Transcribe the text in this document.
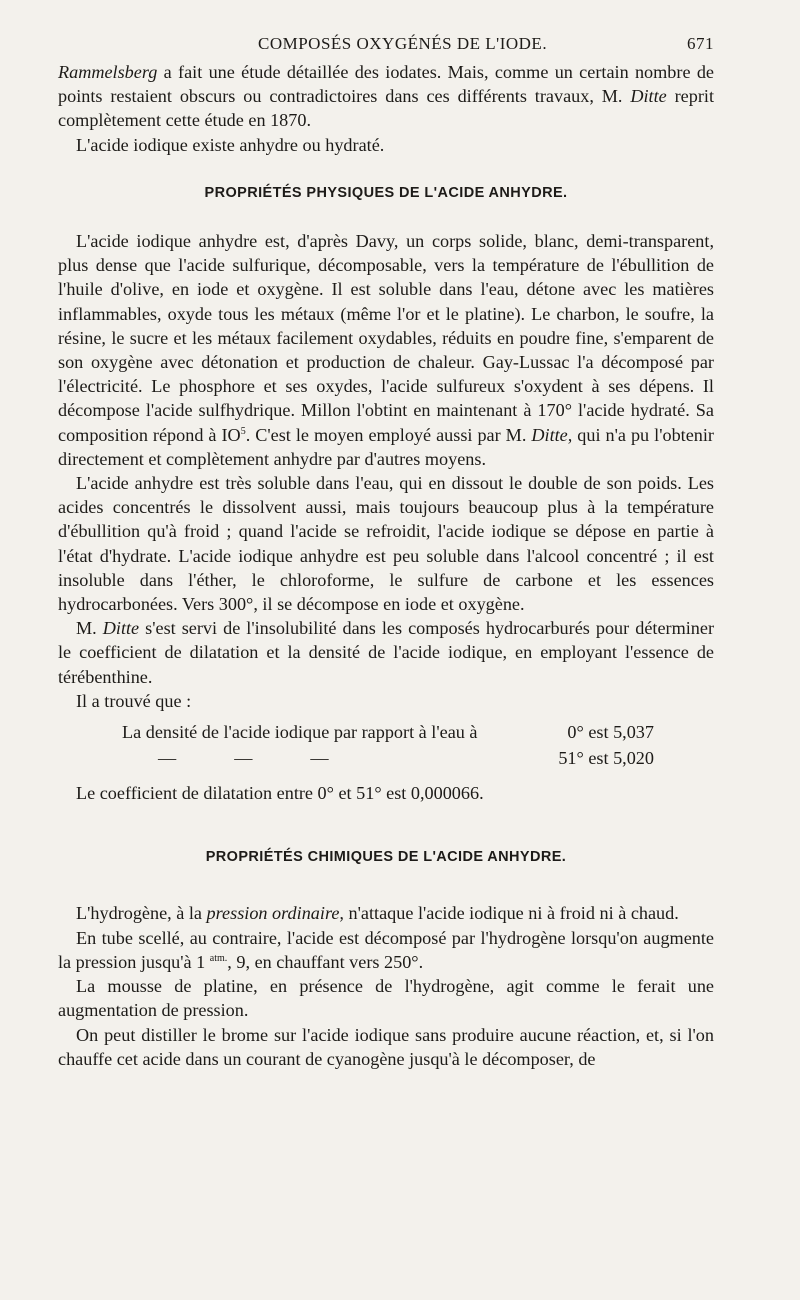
COMPOSÉS OXYGÉNÉS DE L'IODE.	671

Rammelsberg a fait une étude détaillée des iodates. Mais, comme un certain nombre de points restaient obscurs ou contradictoires dans ces différents travaux, M. Ditte reprit complètement cette étude en 1870.

L'acide iodique existe anhydre ou hydraté.

PROPRIÉTÉS PHYSIQUES DE L'ACIDE ANHYDRE.

L'acide iodique anhydre est, d'après Davy, un corps solide, blanc, demi-transparent, plus dense que l'acide sulfurique, décomposable, vers la température de l'ébullition de l'huile d'olive, en iode et oxygène. Il est soluble dans l'eau, détone avec les matières inflammables, oxyde tous les métaux (même l'or et le platine). Le charbon, le soufre, la résine, le sucre et les métaux facilement oxydables, réduits en poudre fine, s'emparent de son oxygène avec détonation et production de chaleur. Gay-Lussac l'a décomposé par l'électricité. Le phosphore et ses oxydes, l'acide sulfureux s'oxydent à ses dépens. Il décompose l'acide sulfhydrique. Millon l'obtint en maintenant à 170° l'acide hydraté. Sa composition répond à $IO^5$. C'est le moyen employé aussi par M. Ditte, qui n'a pu l'obtenir directement et complètement anhydre par d'autres moyens.

L'acide anhydre est très soluble dans l'eau, qui en dissout le double de son poids. Les acides concentrés le dissolvent aussi, mais toujours beaucoup plus à la température d'ébullition qu'à froid ; quand l'acide se refroidit, l'acide iodique se dépose en partie à l'état d'hydrate. L'acide iodique anhydre est peu soluble dans l'alcool concentré ; il est insoluble dans l'éther, le chloroforme, le sulfure de carbone et les essences hydrocarbonées. Vers 300°, il se décompose en iode et oxygène.

M. Ditte s'est servi de l'insolubilité dans les composés hydrocarburés pour déterminer le coefficient de dilatation et la densité de l'acide iodique, en employant l'essence de térébenthine.

Il a trouvé que :

La densité de l'acide iodique par rapport à l'eau à	0° est 5,037
—	—	—	51° est 5,020

Le coefficient de dilatation entre 0° et 51° est 0,000066.

PROPRIÉTÉS CHIMIQUES DE L'ACIDE ANHYDRE.

L'hydrogène, à la pression ordinaire, n'attaque l'acide iodique ni à froid ni à chaud.

En tube scellé, au contraire, l'acide est décomposé par l'hydrogène lorsqu'on augmente la pression jusqu'à 1 $^{atm.}$, 9, en chauffant vers 250°.

La mousse de platine, en présence de l'hydrogène, agit comme le ferait une augmentation de pression.

On peut distiller le brome sur l'acide iodique sans produire aucune réaction, et, si l'on chauffe cet acide dans un courant de cyanogène jusqu'à le décomposer, de
